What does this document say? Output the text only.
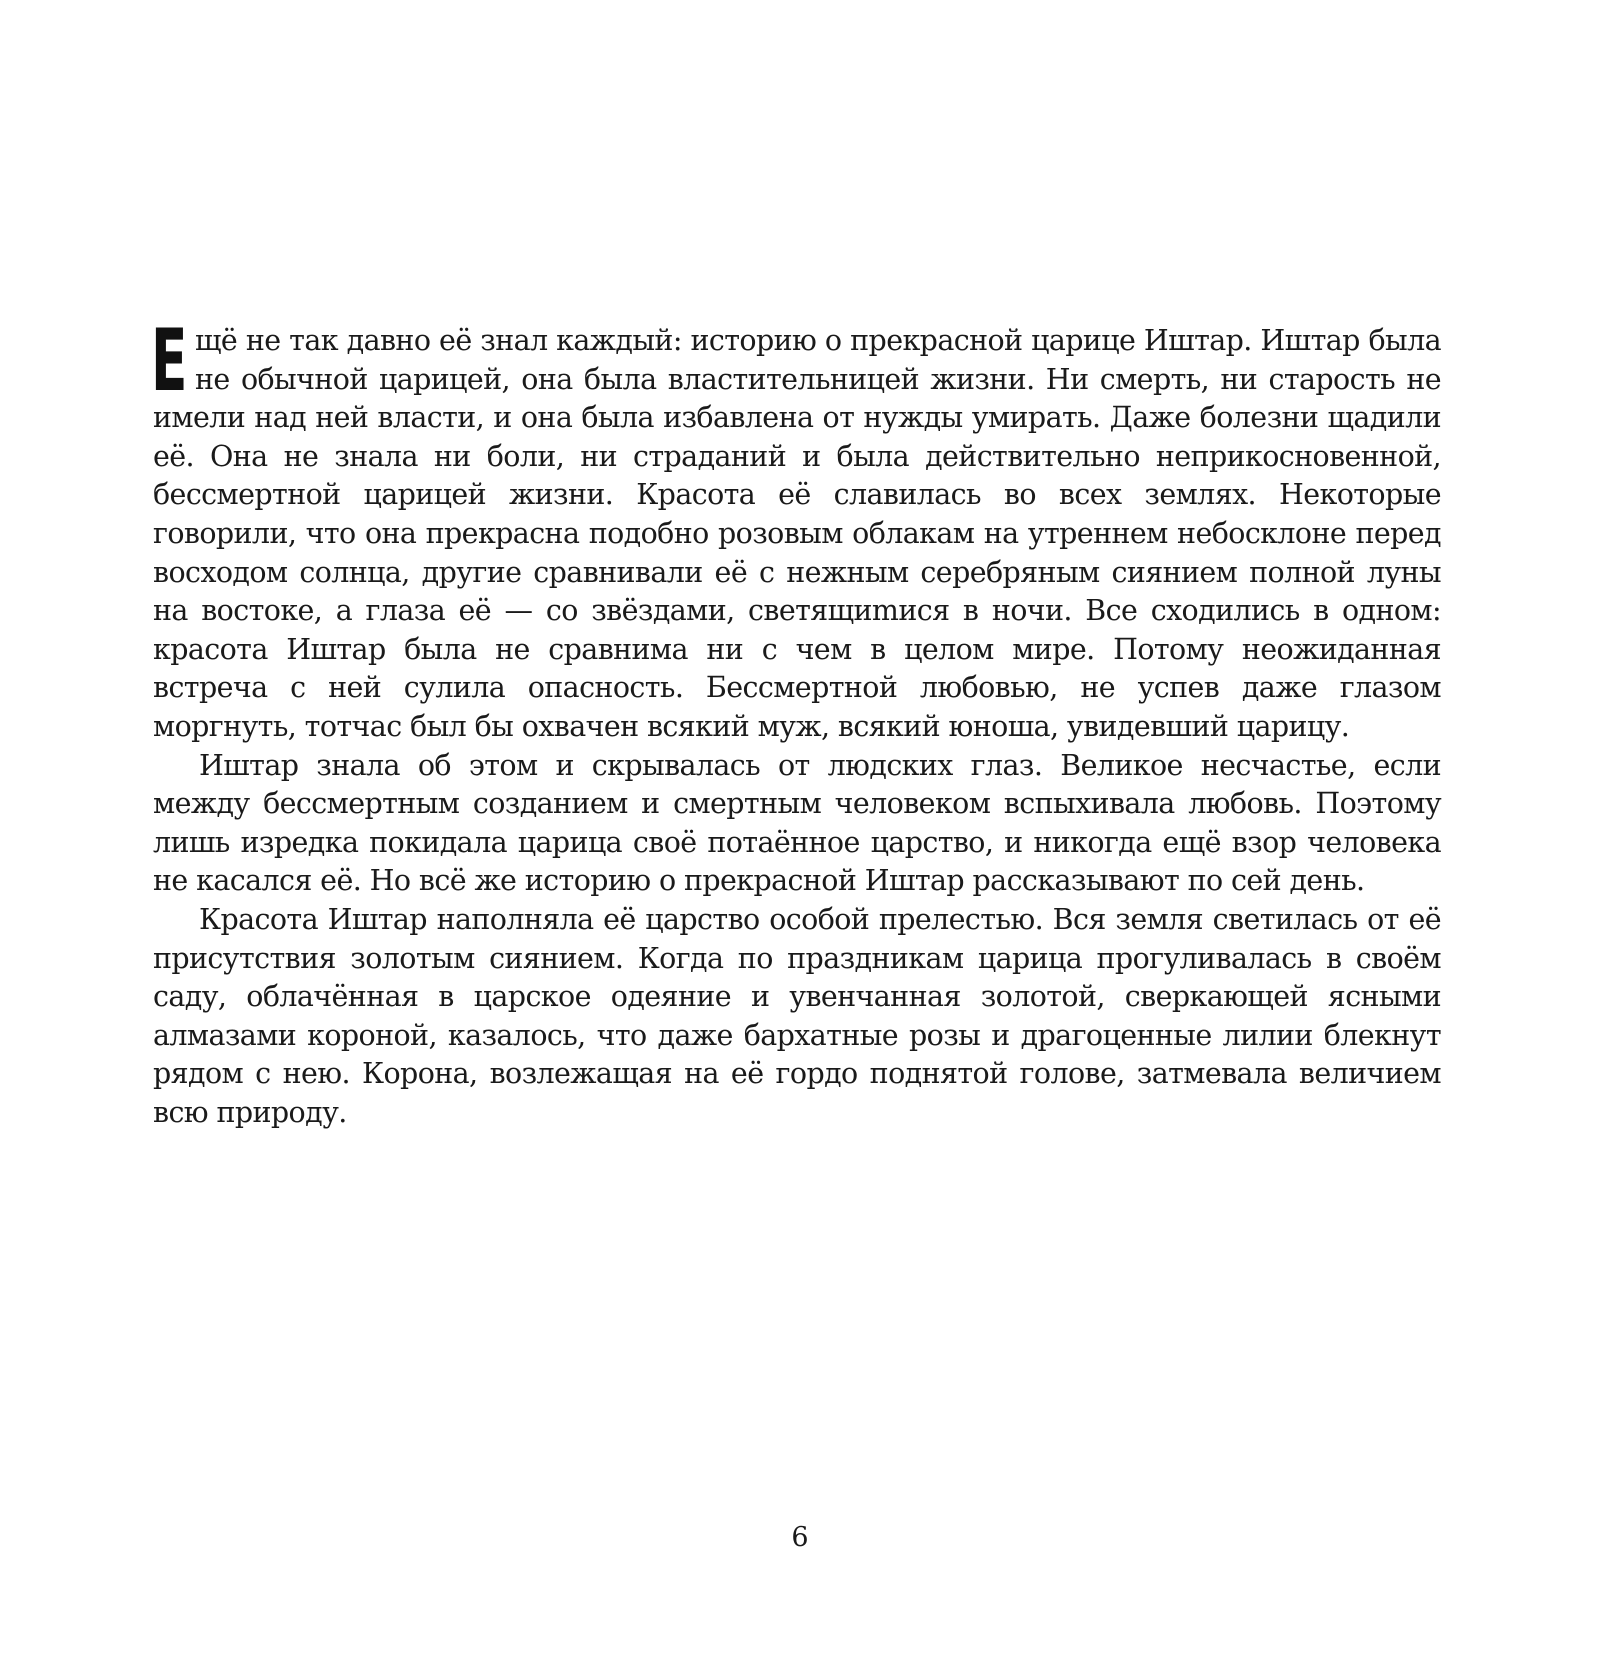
Ещё не так давно её знал каждый: историю о прекрасной царице Иштар. Иштар была не обычной царицей, она была властительницей жизни. Ни смерть, ни старость не имели над ней власти, и она была избавлена от нужды умирать. Даже болезни щадили её. Она не знала ни боли, ни страданий и была действительно неприкосновенной, бессмертной царицей жизни. Красота её славилась во всех землях. Некоторые говорили, что она прекрасна подобно розовым облакам на утреннем небосклоне перед восходом солнца, другие сравнивали её с нежным серебряным сиянием полной луны на востоке, а глаза её — со звёздами, светящиmися в ночи. Все сходились в одном: красота Иштар была не сравнима ни с чем в целом мире. Потому неожиданная встреча с ней сулила опасность. Бессмертной любовью, не успев даже глазом моргнуть, тотчас был бы охвачен всякий муж, всякий юноша, увидевший царицу.

Иштар знала об этом и скрывалась от людских глаз. Великое несчастье, если между бессмертным созданием и смертным человеком вспыхивала любовь. Поэтому лишь изредка покидала царица своё потаённое царство, и никогда ещё взор человека не касался её. Но всё же историю о прекрасной Иштар рассказывают по сей день.

Красота Иштар наполняла её царство особой прелестью. Вся земля светилась от её присутствия золотым сиянием. Когда по праздникам царица прогуливалась в своём саду, облачённая в царское одеяние и увенчанная золотой, сверкающей ясными алмазами короной, казалось, что даже бархатные розы и драгоценные лилии блекнут рядом с нею. Корона, возлежащая на её гордо поднятой голове, затмевала величием всю природу.

6
